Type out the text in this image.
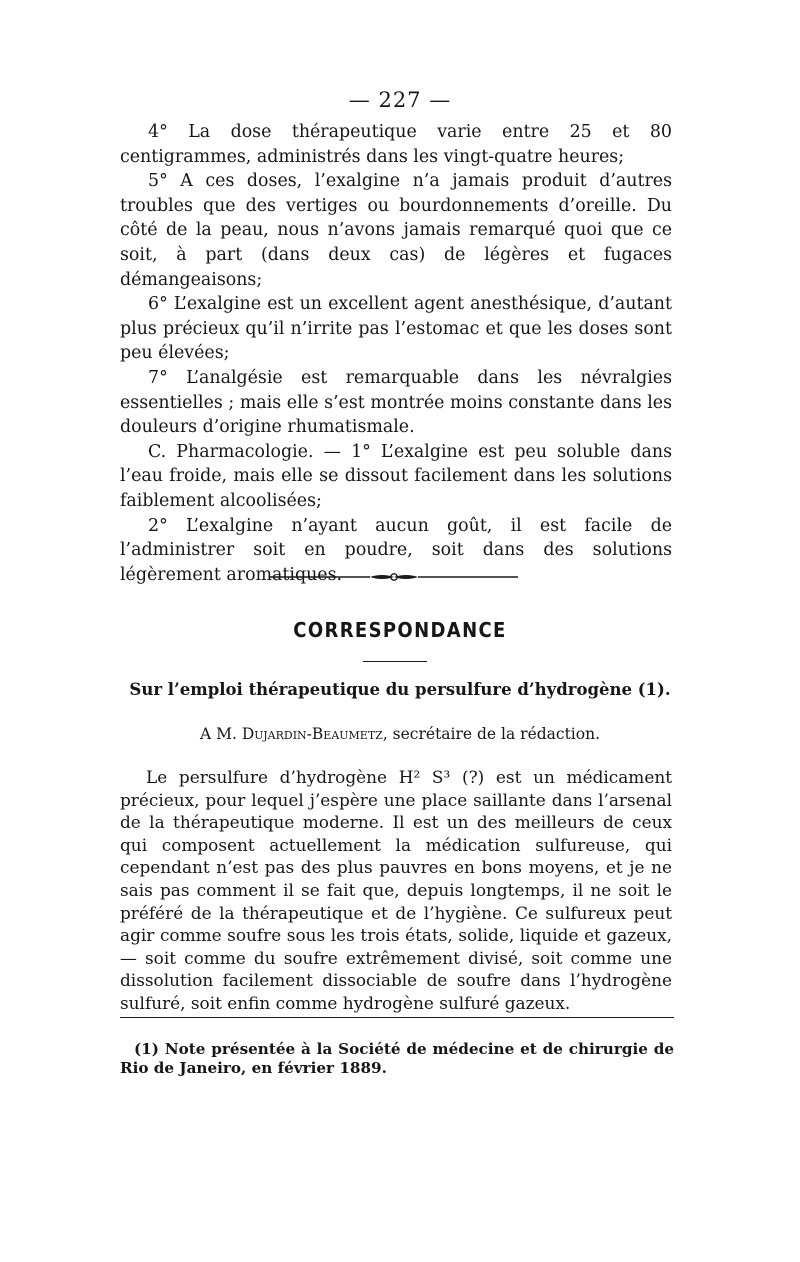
— 227 —

4° La dose thérapeutique varie entre 25 et 80 centigrammes, administrés dans les vingt-quatre heures;

5° A ces doses, l’exalgine n’a jamais produit d’autres troubles que des vertiges ou bourdonnements d’oreille. Du côté de la peau, nous n’avons jamais remarqué quoi que ce soit, à part (dans deux cas) de légères et fugaces démangeaisons;

6° L’exalgine est un excellent agent anesthésique, d’autant plus précieux qu’il n’irrite pas l’estomac et que les doses sont peu élevées;

7° L’analgésie est remarquable dans les névralgies essentielles ; mais elle s’est montrée moins constante dans les douleurs d’origine rhumatismale.

C. Pharmacologie. — 1° L’exalgine est peu soluble dans l’eau froide, mais elle se dissout facilement dans les solutions faiblement alcoolisées;

2° L’exalgine n’ayant aucun goût, il est facile de l’administrer soit en poudre, soit dans des solutions légèrement aromatiques.

CORRESPONDANCE
Sur l’emploi thérapeutique du persulfure d’hydrogène (1).
A M. Dujardin-Beaumetz, secrétaire de la rédaction.

Le persulfure d’hydrogène H² S³ (?) est un médicament précieux, pour lequel j’espère une place saillante dans l’arsenal de la thérapeutique moderne. Il est un des meilleurs de ceux qui composent actuellement la médication sulfureuse, qui cependant n’est pas des plus pauvres en bons moyens, et je ne sais pas comment il se fait que, depuis longtemps, il ne soit le préféré de la thérapeutique et de l’hygiène. Ce sulfureux peut agir comme soufre sous les trois états, solide, liquide et gazeux, — soit comme du soufre extrêmement divisé, soit comme une dissolution facilement dissociable de soufre dans l’hydrogène sulfuré, soit enfin comme hydrogène sulfuré gazeux.

(1) Note présentée à la Société de médecine et de chirurgie de Rio de Janeiro, en février 1889.
